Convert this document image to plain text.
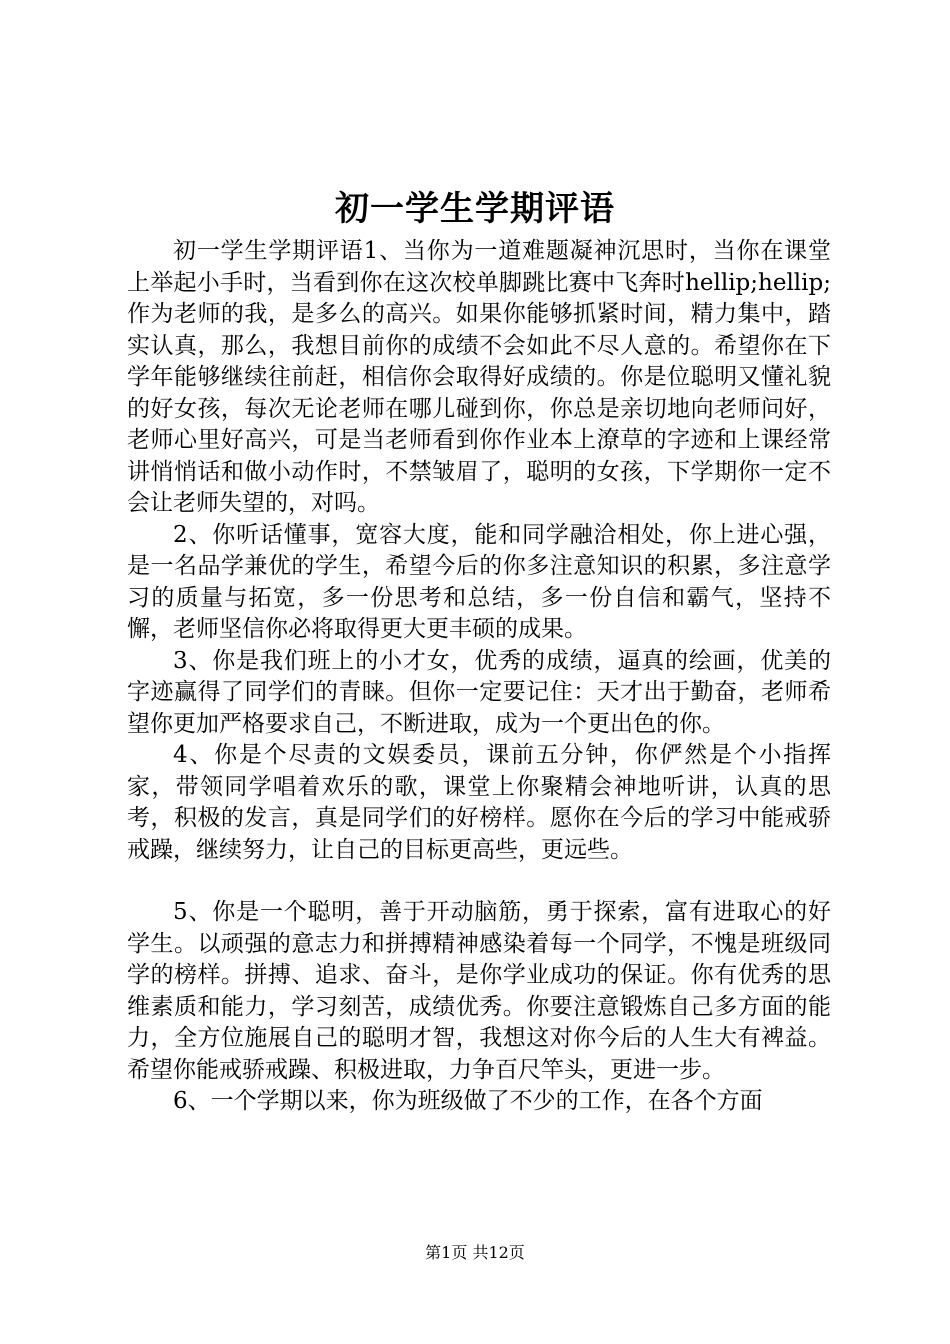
初一学生学期评语

初一学生学期评语1、当你为一道难题凝神沉思时，当你在课堂上举起小手时，当看到你在这次校单脚跳比赛中飞奔时hellip;hellip;作为老师的我，是多么的高兴。如果你能够抓紧时间，精力集中，踏实认真，那么，我想目前你的成绩不会如此不尽人意的。希望你在下学年能够继续往前赶，相信你会取得好成绩的。你是位聪明又懂礼貌的好女孩，每次无论老师在哪儿碰到你，你总是亲切地向老师问好，老师心里好高兴，可是当老师看到你作业本上潦草的字迹和上课经常讲悄悄话和做小动作时，不禁皱眉了，聪明的女孩，下学期你一定不会让老师失望的，对吗。

2、你听话懂事，宽容大度，能和同学融洽相处，你上进心强，是一名品学兼优的学生，希望今后的你多注意知识的积累，多注意学习的质量与拓宽，多一份思考和总结，多一份自信和霸气，坚持不懈，老师坚信你必将取得更大更丰硕的成果。

3、你是我们班上的小才女，优秀的成绩，逼真的绘画，优美的字迹赢得了同学们的青睐。但你一定要记住：天才出于勤奋，老师希望你更加严格要求自己，不断进取，成为一个更出色的你。

4、你是个尽责的文娱委员，课前五分钟，你俨然是个小指挥家，带领同学唱着欢乐的歌，课堂上你聚精会神地听讲，认真的思考，积极的发言，真是同学们的好榜样。愿你在今后的学习中能戒骄戒躁，继续努力，让自己的目标更高些，更远些。

5、你是一个聪明，善于开动脑筋，勇于探索，富有进取心的好学生。以顽强的意志力和拼搏精神感染着每一个同学，不愧是班级同学的榜样。拼搏、追求、奋斗，是你学业成功的保证。你有优秀的思维素质和能力，学习刻苦，成绩优秀。你要注意锻炼自己多方面的能力，全方位施展自己的聪明才智，我想这对你今后的人生大有裨益。希望你能戒骄戒躁、积极进取，力争百尺竿头，更进一步。

6、一个学期以来，你为班级做了不少的工作，在各个方面

第1页 共12页
